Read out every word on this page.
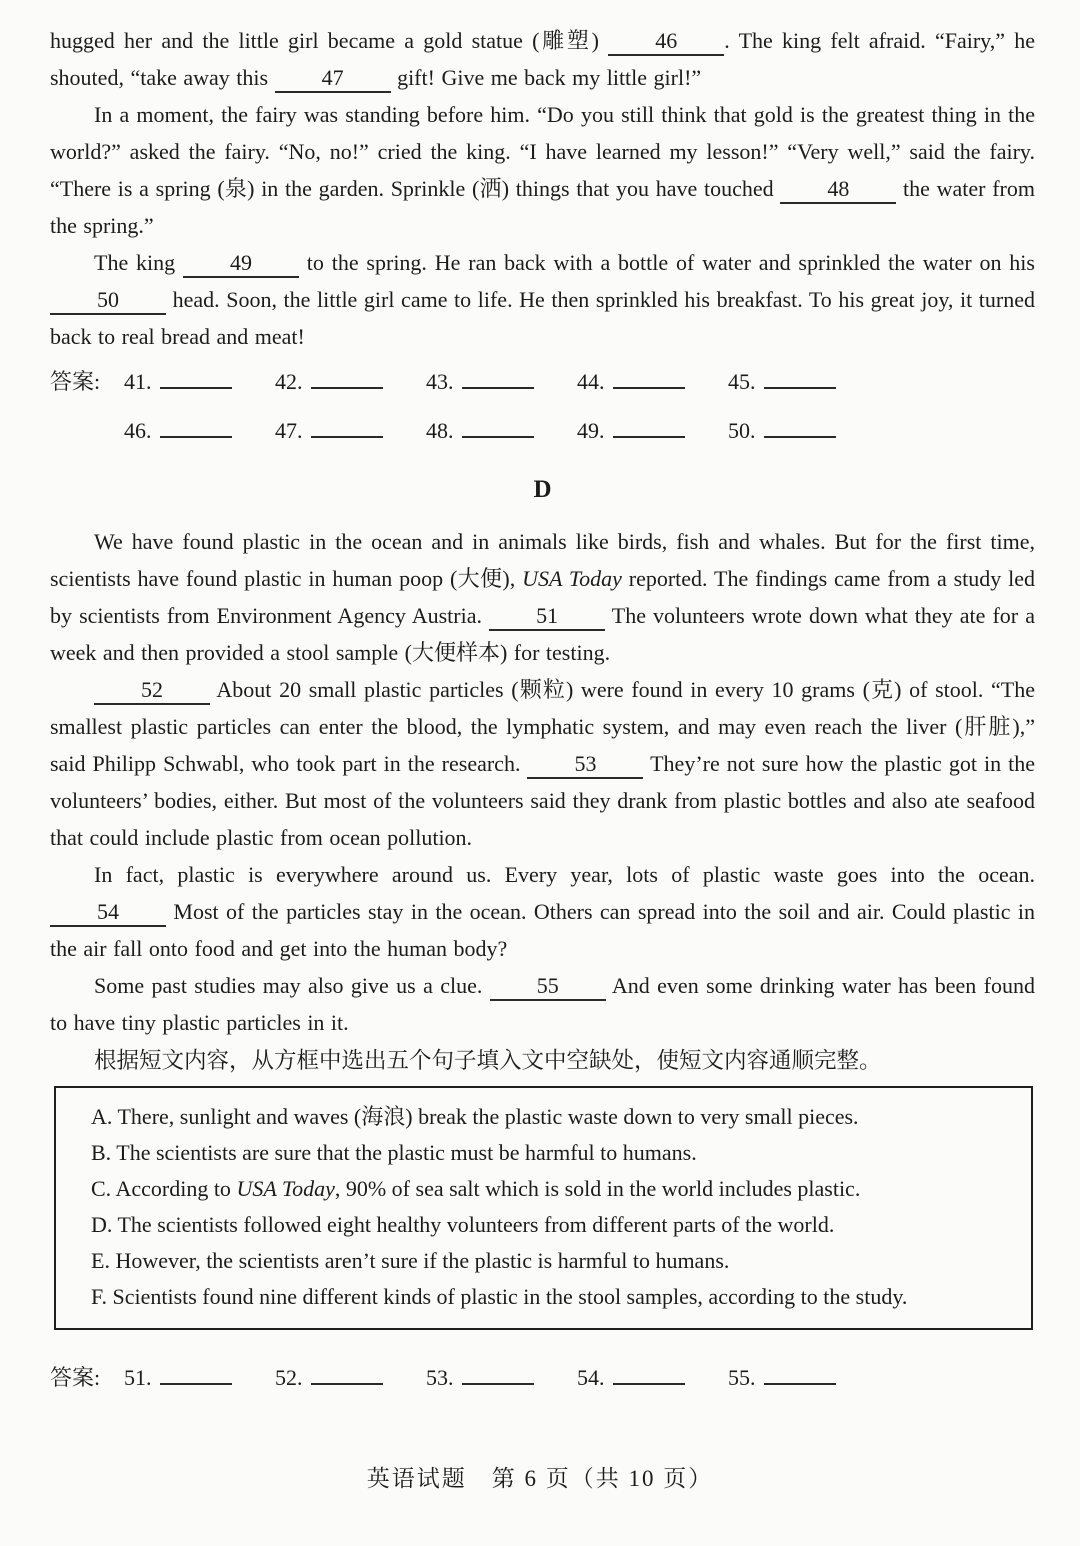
hugged her and the little girl became a gold statue (雕塑) 46 . The king felt afraid. “Fairy,” he shouted, “take away this 47 gift! Give me back my little girl!”

In a moment, the fairy was standing before him. “Do you still think that gold is the greatest thing in the world?” asked the fairy. “No, no!” cried the king. “I have learned my lesson!” “Very well,” said the fairy. “There is a spring (泉) in the garden. Sprinkle (洒) things that you have touched 48 the water from the spring.”

The king 49 to the spring. He ran back with a bottle of water and sprinkled the water on his 50 head. Soon, the little girl came to life. He then sprinkled his breakfast. To his great joy, it turned back to real bread and meat!

答案:	41.	42.	43.	44.	45.
46.	47.	48.	49.	50.
D

We have found plastic in the ocean and in animals like birds, fish and whales. But for the first time, scientists have found plastic in human poop (大便), USA Today reported. The findings came from a study led by scientists from Environment Agency Austria. 51 The volunteers wrote down what they ate for a week and then provided a stool sample (大便样本) for testing.

52 About 20 small plastic particles (颗粒) were found in every 10 grams (克) of stool. “The smallest plastic particles can enter the blood, the lymphatic system, and may even reach the liver (肝脏),” said Philipp Schwabl, who took part in the research. 53 They’re not sure how the plastic got in the volunteers’ bodies, either. But most of the volunteers said they drank from plastic bottles and also ate seafood that could include plastic from ocean pollution.

In fact, plastic is everywhere around us. Every year, lots of plastic waste goes into the ocean. 54 Most of the particles stay in the ocean. Others can spread into the soil and air. Could plastic in the air fall onto food and get into the human body?

Some past studies may also give us a clue. 55 And even some drinking water has been found to have tiny plastic particles in it.

根据短文内容，从方框中选出五个句子填入文中空缺处，使短文内容通顺完整。

A. There, sunlight and waves (海浪) break the plastic waste down to very small pieces.

B. The scientists are sure that the plastic must be harmful to humans.

C. According to USA Today, 90% of sea salt which is sold in the world includes plastic.

D. The scientists followed eight healthy volunteers from different parts of the world.

E. However, the scientists aren’t sure if the plastic is harmful to humans.

F. Scientists found nine different kinds of plastic in the stool samples, according to the study.

答案:	51.	52.	53.	54.	55.
英语试题　第 6 页（共 10 页）
